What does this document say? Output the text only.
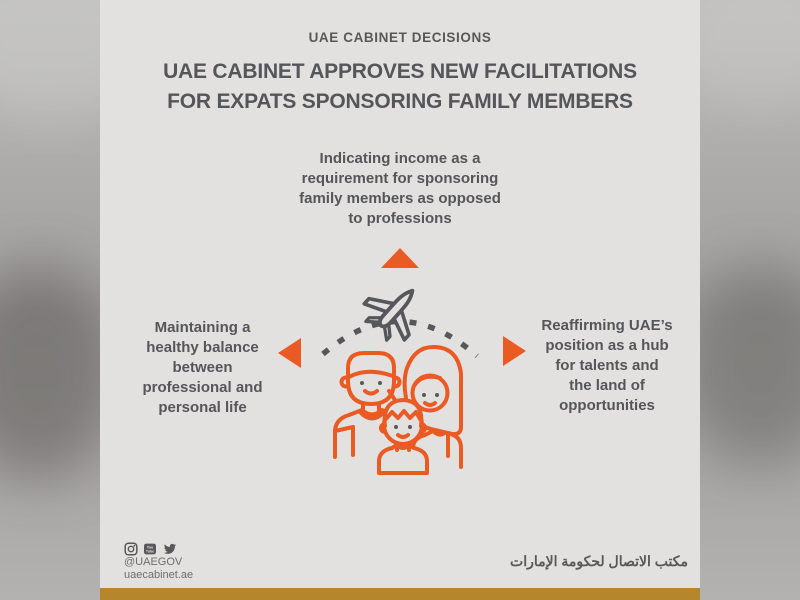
UAE CABINET DECISIONS
UAE CABINET APPROVES NEW FACILITATIONS
FOR EXPATS SPONSORING FAMILY MEMBERS
Indicating income as a
requirement for sponsoring
family members as opposed
to professions
Maintaining a
healthy balance
between
professional and
personal life
Reaffirming UAE’s
position as a hub
for talents and
the land of
opportunities
You
Tube
@UAEGOV
uaecabinet.ae
مكتب الاتصال لحكومة الإمارات
